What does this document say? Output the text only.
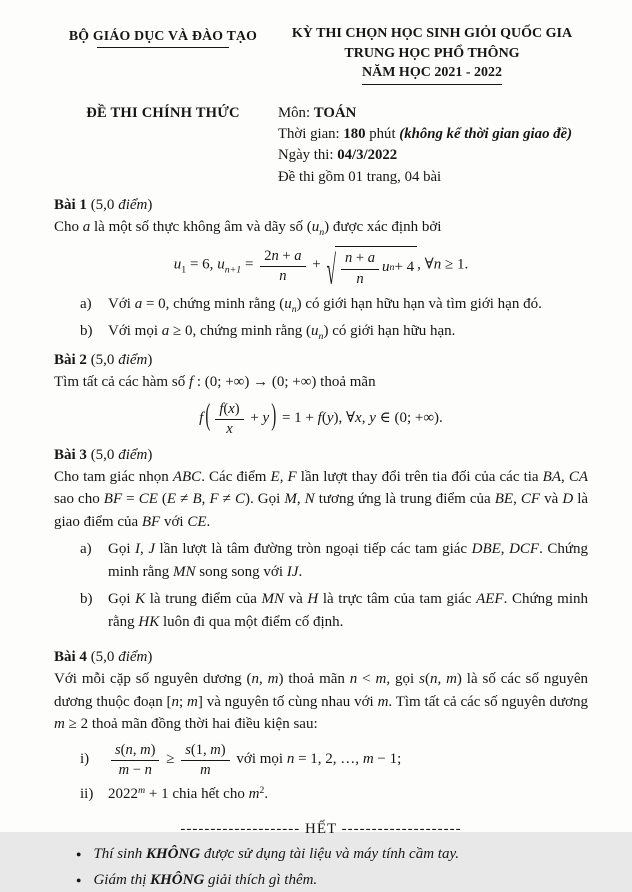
BỘ GIÁO DỤC VÀ ĐÀO TẠO	KỲ THI CHỌN HỌC SINH GIỎI QUỐC GIA
TRUNG HỌC PHỔ THÔNG
NĂM HỌC 2021 - 2022
ĐỀ THI CHÍNH THỨC	Môn: TOÁN
Thời gian: 180 phút (không kể thời gian giao đề)
Ngày thi: 04/3/2022
Đề thi gồm 01 trang, 04 bài
Bài 1 (5,0 điểm)

Cho a là một số thực không âm và dãy số $(u_n)$ được xác định bởi

$u_1 = 6$, $u_{n+1} = \frac{2n + a}{n}$ + √ $\frac{n + a}{n}$ u n + 4 , ∀n ≥ 1.
a)	Với a = 0, chứng minh rằng $(u_n)$ có giới hạn hữu hạn và tìm giới hạn đó.
b)	Với mọi a ≥ 0, chứng minh rằng $(u_n)$ có giới hạn hữu hạn.
Bài 2 (5,0 điểm)

Tìm tất cả các hàm số f : (0; +∞) → (0; +∞) thoả mãn

f ( $\frac{f(x)}{x} + y$ ) = 1 + f(y), ∀x, y ∈ (0; +∞).
Bài 3 (5,0 điểm)

Cho tam giác nhọn ABC. Các điểm E, F lần lượt thay đổi trên tia đối của các tia BA, CA sao cho BF = CE (E ≠ B, F ≠ C). Gọi M, N tương ứng là trung điểm của BE, CF và D là giao điểm của BF với CE.

a)	Gọi I, J lần lượt là tâm đường tròn ngoại tiếp các tam giác DBE, DCF. Chứng minh rằng MN song song với IJ.
b)	Gọi K là trung điểm của MN và H là trực tâm của tam giác AEF. Chứng minh rằng HK luôn đi qua một điểm cố định.
Bài 4 (5,0 điểm)

Với mỗi cặp số nguyên dương (n, m) thoả mãn n < m, gọi s(n, m) là số các số nguyên dương thuộc đoạn [n; m] và nguyên tố cùng nhau với m. Tìm tất cả các số nguyên dương m ≥ 2 thoả mãn đồng thời hai điều kiện sau:

i)	$\frac{s(n, m)}{m - n} \ge \frac{s(1, m)}{m}$ với mọi n = 1, 2, …, m − 1;
ii) $2022^m + 1$ chia hết cho $m^2$.
-------------------- HẾT --------------------
● Thí sinh KHÔNG được sử dụng tài liệu và máy tính cầm tay.
● Giám thị KHÔNG giải thích gì thêm.
